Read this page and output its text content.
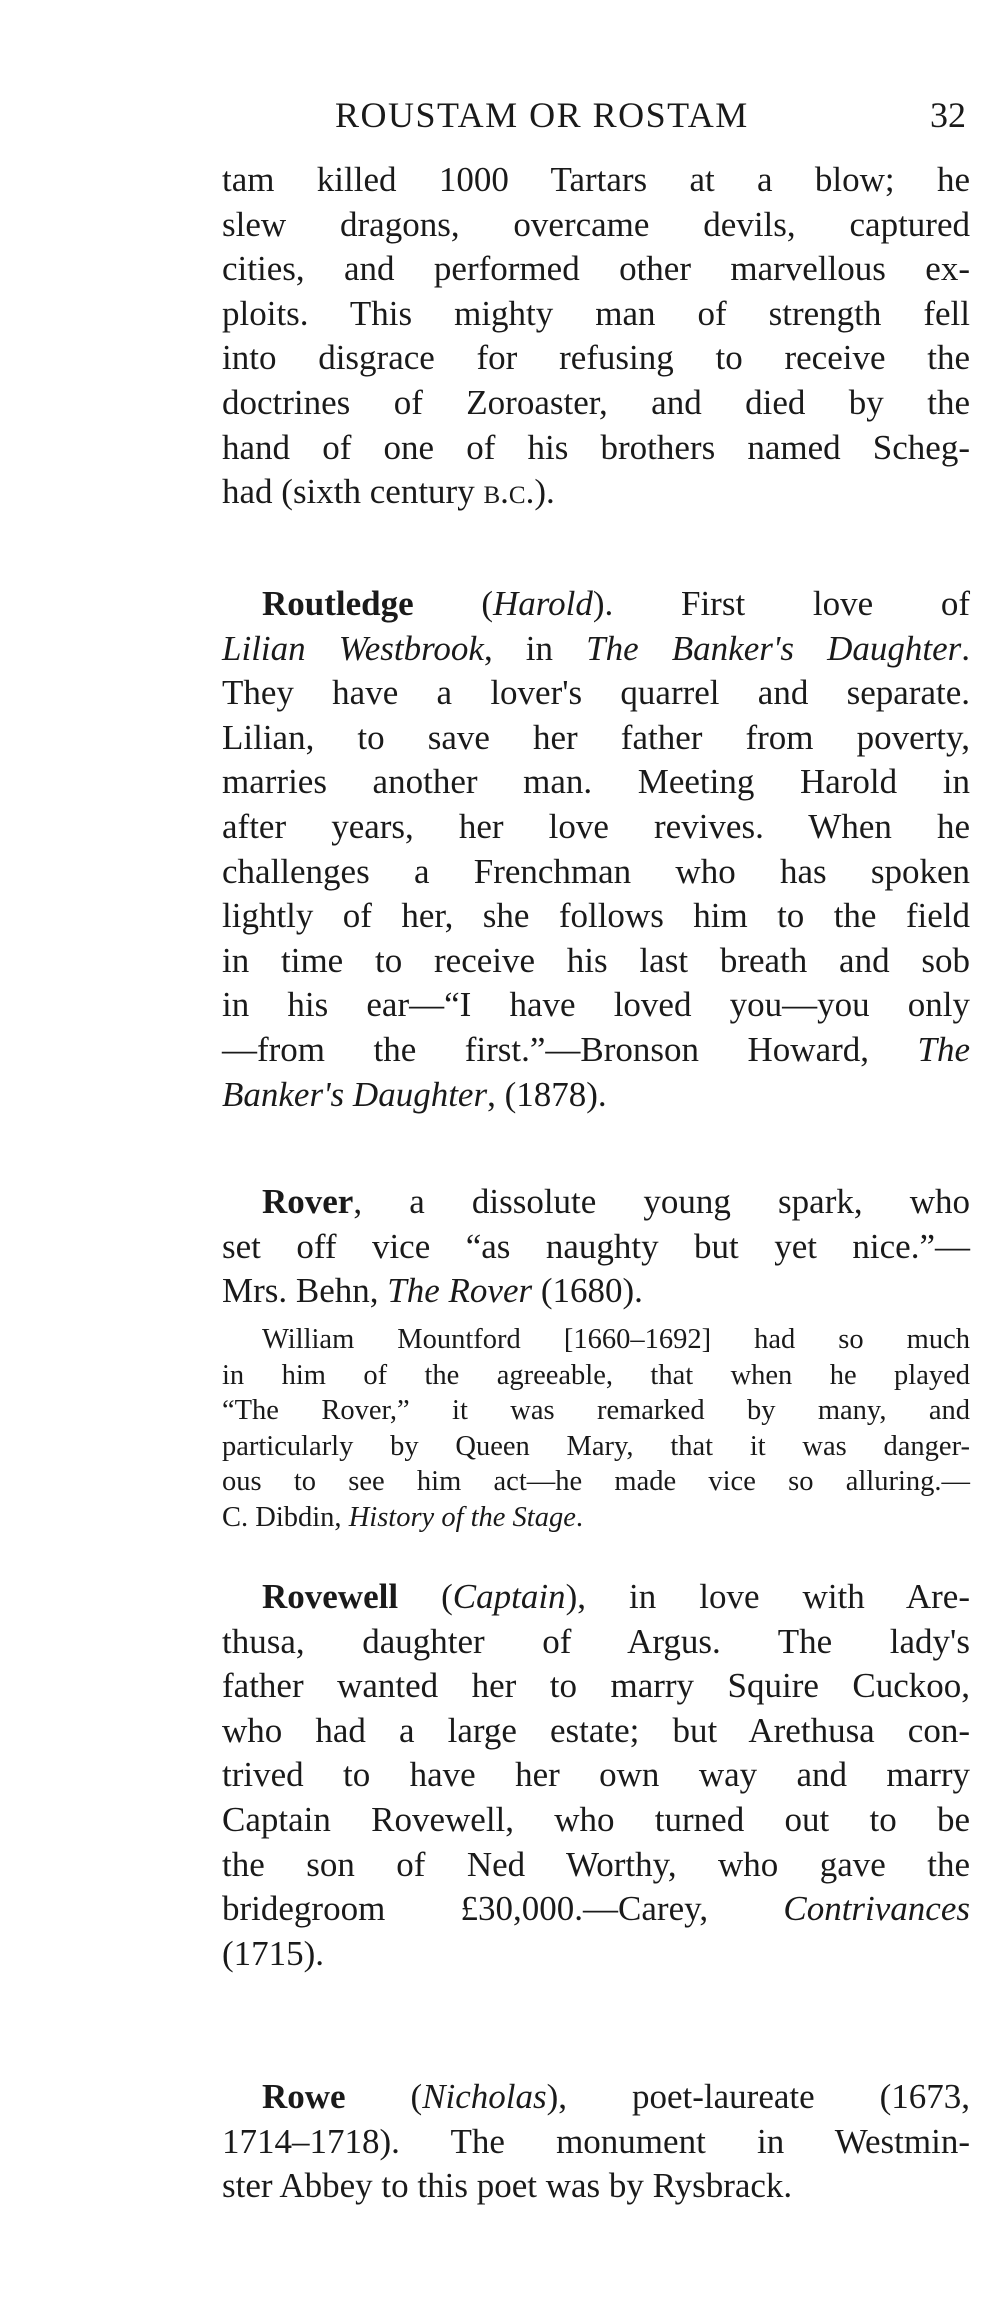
ROUSTAM OR ROSTAM	32

tam killed 1000 Tartars at a blow; he
slew dragons, overcame devils, captured
cities, and performed other marvellous ex-
ploits. This mighty man of strength fell
into disgrace for refusing to receive the
doctrines of Zoroaster, and died by the
hand of one of his brothers named Scheg-
had (sixth century b.c.).

Routledge (Harold). First love of
Lilian Westbrook, in The Banker's Daughter.
They have a lover's quarrel and separate.
Lilian, to save her father from poverty,
marries another man. Meeting Harold in
after years, her love revives. When he
challenges a Frenchman who has spoken
lightly of her, she follows him to the field
in time to receive his last breath and sob
in his ear—“I have loved you—you only
—from the first.”—Bronson Howard, The
Banker's Daughter, (1878).

Rover, a dissolute young spark, who
set off vice “as naughty but yet nice.”—
Mrs. Behn, The Rover (1680).

William Mountford [1660–1692] had so much
in him of the agreeable, that when he played
“The Rover,” it was remarked by many, and
particularly by Queen Mary, that it was danger-
ous to see him act—he made vice so alluring.—
C. Dibdin, History of the Stage.

Rovewell (Captain), in love with Are-
thusa, daughter of Argus. The lady's
father wanted her to marry Squire Cuckoo,
who had a large estate; but Arethusa con-
trived to have her own way and marry
Captain Rovewell, who turned out to be
the son of Ned Worthy, who gave the
bridegroom £30,000.—Carey, Contrivances
(1715).

Rowe (Nicholas), poet-laureate (1673,
1714–1718). The monument in Westmin-
ster Abbey to this poet was by Rysbrack.
